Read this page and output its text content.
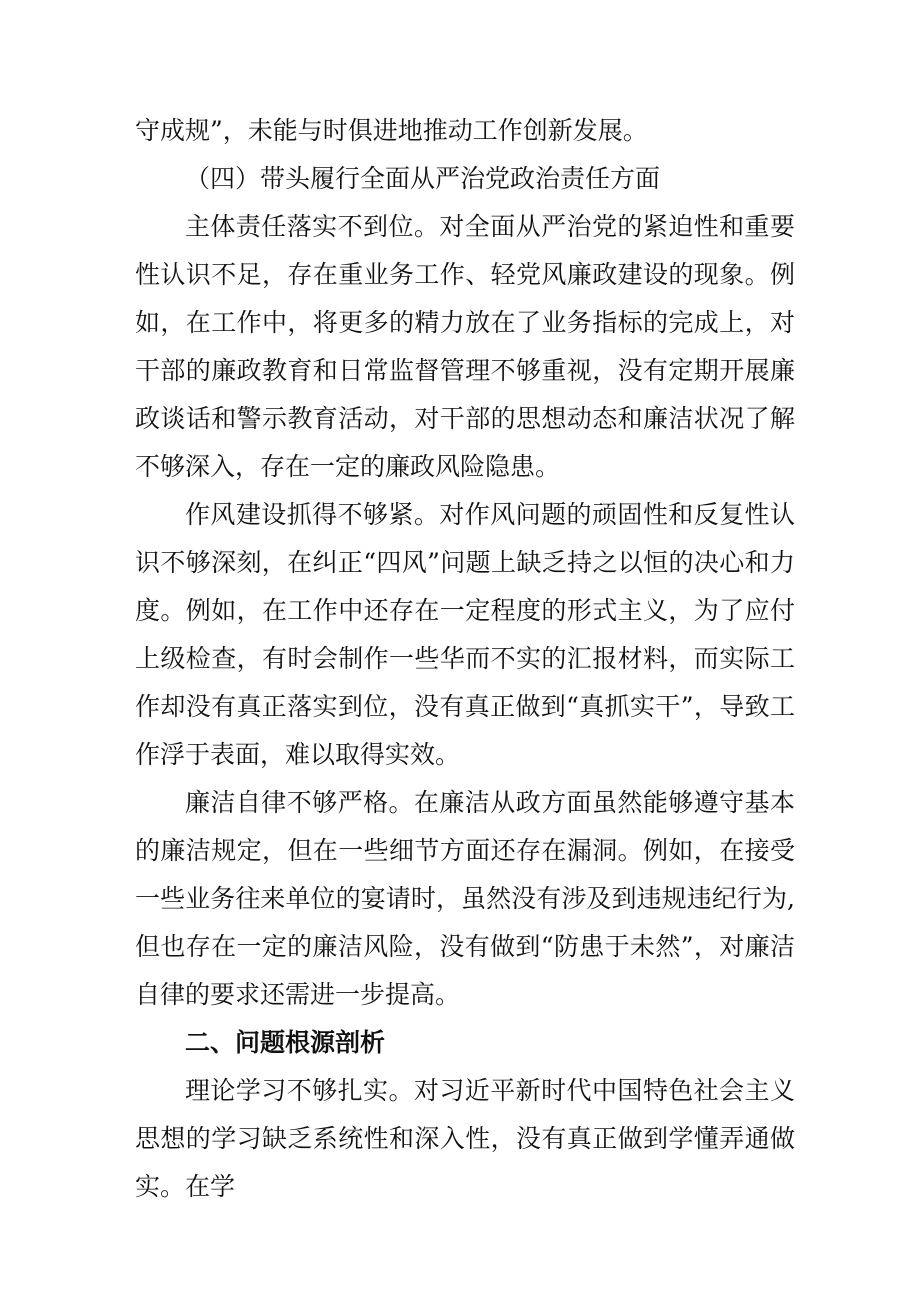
守成规”，未能与时俱进地推动工作创新发展。

（四）带头履行全面从严治党政治责任方面

主体责任落实不到位。对全面从严治党的紧迫性和重要性认识不足，存在重业务工作、轻党风廉政建设的现象。例如，在工作中，将更多的精力放在了业务指标的完成上，对干部的廉政教育和日常监督管理不够重视，没有定期开展廉政谈话和警示教育活动，对干部的思想动态和廉洁状况了解不够深入，存在一定的廉政风险隐患。

作风建设抓得不够紧。对作风问题的顽固性和反复性认识不够深刻，在纠正“四风”问题上缺乏持之以恒的决心和力度。例如，在工作中还存在一定程度的形式主义，为了应付上级检查，有时会制作一些华而不实的汇报材料，而实际工作却没有真正落实到位，没有真正做到“真抓实干”，导致工作浮于表面，难以取得实效。

廉洁自律不够严格。在廉洁从政方面虽然能够遵守基本的廉洁规定，但在一些细节方面还存在漏洞。例如，在接受一些业务往来单位的宴请时，虽然没有涉及到违规违纪行为,但也存在一定的廉洁风险，没有做到“防患于未然”，对廉洁自律的要求还需进一步提高。

二、问题根源剖析

理论学习不够扎实。对习近平新时代中国特色社会主义思想的学习缺乏系统性和深入性，没有真正做到学懂弄通做实。在学
